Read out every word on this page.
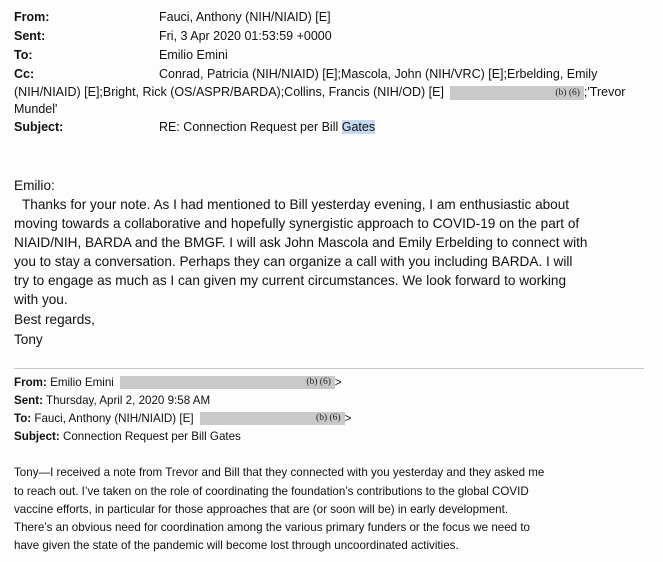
From:	Fauci, Anthony (NIH/NIAID) [E]
Sent:	Fri, 3 Apr 2020 01:53:59 +0000
To:	Emilio Emini
Cc:	Conrad, Patricia (NIH/NIAID) [E];Mascola, John (NIH/VRC) [E];Erbelding, Emily
(NIH/NIAID) [E];Bright, Rick (OS/ASPR/BARDA);Collins, Francis (NIH/OD) [E]	(b) (6) ;'Trevor
Mundel'
Subject:	RE: Connection Request per Bill Gates
Emilio:
Thanks for your note. As I had mentioned to Bill yesterday evening, I am enthusiastic about
moving towards a collaborative and hopefully synergistic approach to COVID-19 on the part of
NIAID/NIH, BARDA and the BMGF. I will ask John Mascola and Emily Erbelding to connect with
you to stay a conversation. Perhaps they can organize a call with you including BARDA. I will
try to engage as much as I can given my current circumstances. We look forward to working
with you.
Best regards,
Tony
From: Emilio Emini	(b) (6) >
Sent: Thursday, April 2, 2020 9:58 AM
To: Fauci, Anthony (NIH/NIAID) [E]	(b) (6) >
Subject: Connection Request per Bill Gates
Tony—I received a note from Trevor and Bill that they connected with you yesterday and they asked me
to reach out. I’ve taken on the role of coordinating the foundation’s contributions to the global COVID
vaccine efforts, in particular for those approaches that are (or soon will be) in early development.
There’s an obvious need for coordination among the various primary funders or the focus we need to
have given the state of the pandemic will become lost through uncoordinated activities.
